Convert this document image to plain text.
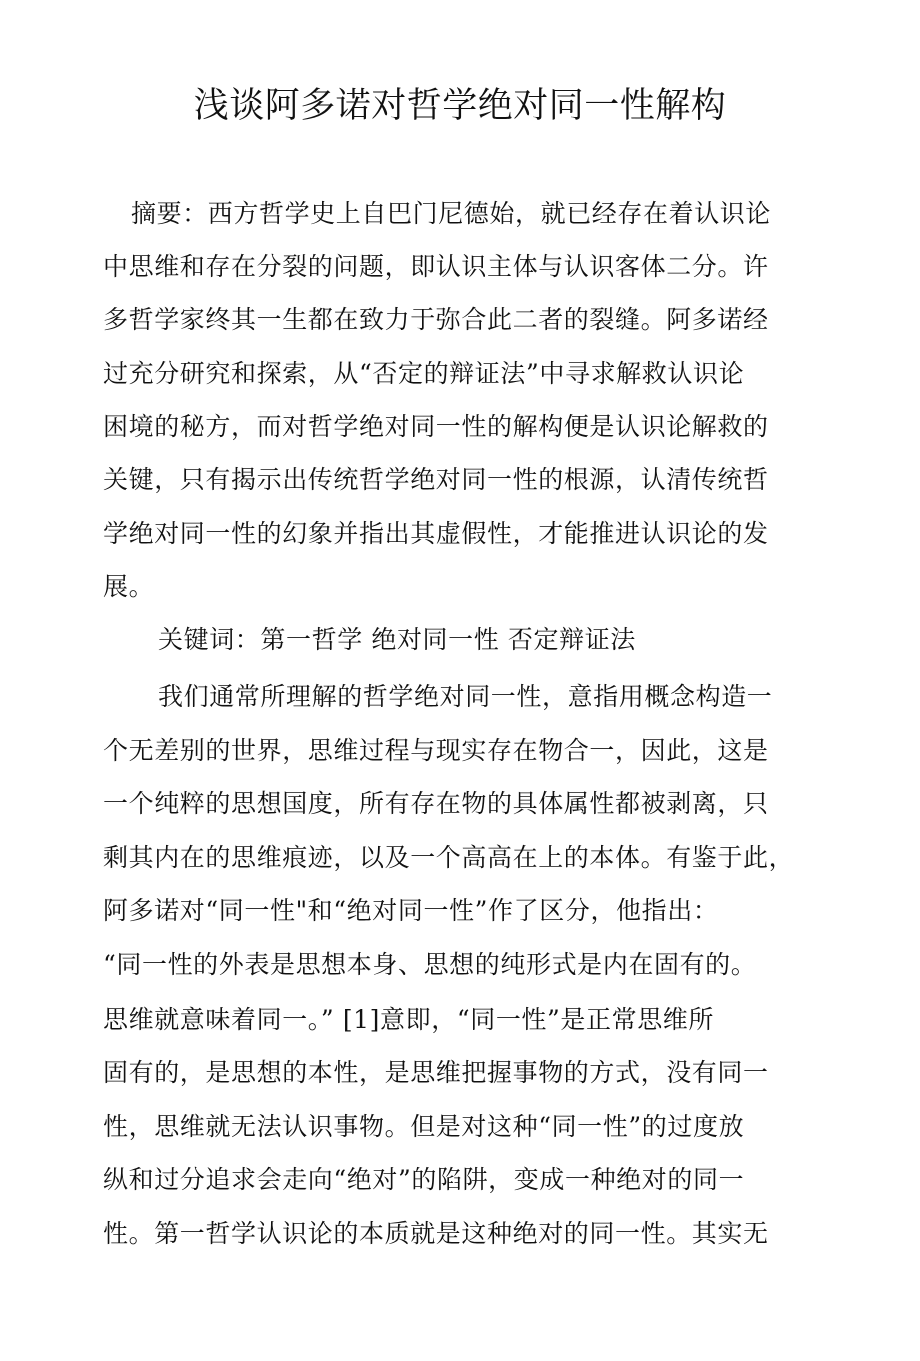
浅谈阿多诺对哲学绝对同一性解构
摘要：西方哲学史上自巴门尼德始，就已经存在着认识论
中思维和存在分裂的问题，即认识主体与认识客体二分。许
多哲学家终其一生都在致力于弥合此二者的裂缝。阿多诺经
过充分研究和探索，从“否定的辩证法”中寻求解救认识论
困境的秘方，而对哲学绝对同一性的解构便是认识论解救的
关键，只有揭示出传统哲学绝对同一性的根源，认清传统哲
学绝对同一性的幻象并指出其虚假性，才能推进认识论的发
展。
关键词：第一哲学 绝对同一性 否定辩证法
我们通常所理解的哲学绝对同一性，意指用概念构造一
个无差别的世界，思维过程与现实存在物合一，因此，这是
一个纯粹的思想国度，所有存在物的具体属性都被剥离，只
剩其内在的思维痕迹，以及一个高高在上的本体。有鉴于此，
阿多诺对“同一性"和“绝对同一性”作了区分，他指出：
“同一性的外表是思想本身、思想的纯形式是内在固有的。
思维就意味着同一。” [1]意即，“同一性”是正常思维所
固有的，是思想的本性，是思维把握事物的方式，没有同一
性，思维就无法认识事物。但是对这种“同一性”的过度放
纵和过分追求会走向“绝对”的陷阱，变成一种绝对的同一
性。第一哲学认识论的本质就是这种绝对的同一性。其实无
